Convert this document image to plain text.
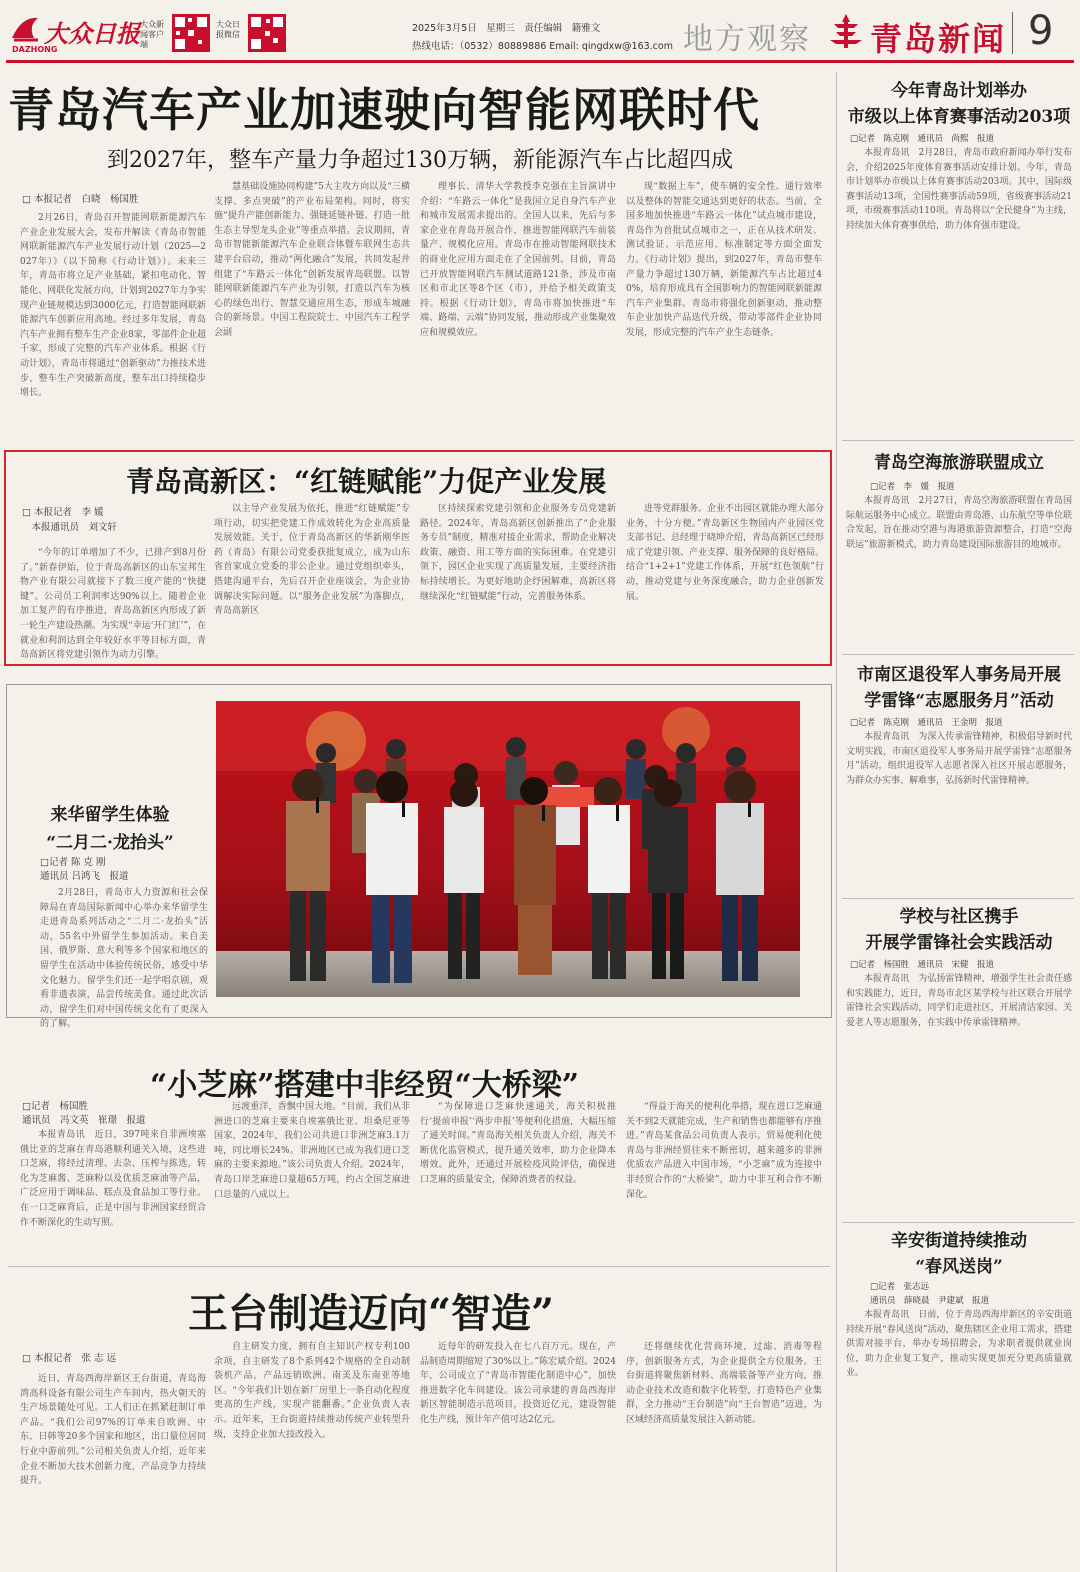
大众日报
DAZHONG
大众新闻客户端
大众日报微信
2025年3月5日　星期三　责任编辑　籍雅文
热线电话：（0532）80889886 Email: qingdxw@163.com 地方观察 青岛新闻 9
青岛汽车产业加速驶向智能网联时代
到2027年，整车产量力争超过130万辆，新能源汽车占比超四成
□ 本报记者　白晓　杨国胜

2月26日，青岛召开智能网联新能源汽车产业企业发展大会，发布并解读《青岛市智能网联新能源汽车产业发展行动计划（2025—2027年）》（以下简称《行动计划》）。未来三年，青岛市将立足产业基础，紧扣电动化、智能化、网联化发展方向，计划到2027年力争实现产业链规模达到3000亿元，打造智能网联新能源汽车创新应用高地。经过多年发展，青岛汽车产业拥有整车生产企业8家，零部件企业超千家，形成了完整的汽车产业体系。根据《行动计划》，青岛市将通过“创新驱动”力推技术进步，整车生产突破新高度，整车出口持续稳步增长。

慧基础设施协同构建”5大主攻方向以及“三横支撑、多点突破”的产业布局架构。同时，将实施“提升产能创新能力、强链延链补链、打造一批生态主导型龙头企业”等重点举措。会议期间，青岛市智能新能源汽车企业联合体暨车联网生态共建平台启动，推动“两化融合”发展，共同发起并组建了“车路云一体化”创新发展青岛联盟。以智能网联新能源汽车产业为引领，打造以汽车为核心的绿色出行、智慧交通应用生态，形成车城融合的新场景。中国工程院院士、中国汽车工程学会副

理事长、清华大学教授李克强在主旨演讲中介绍：“车路云一体化”是我国立足自身汽车产业和城市发展需求提出的。全国人以来，先后与多家企业在青岛开展合作，推进智能网联汽车前装量产、规模化应用。青岛市在推动智能网联技术的商业化应用方面走在了全国前列。目前，青岛已开放智能网联汽车测试道路121条，涉及市南区和市北区等8个区（市），并给予相关政策支持。根据《行动计划》，青岛市将加快推进“车端、路端、云端”协同发展，推动形成产业集聚效应和规模效应。

现“数据上车”，使车辆的安全性、通行效率以及整体的智能交通达到更好的状态。当前，全国多地加快推进“车路云一体化”试点城市建设，青岛作为首批试点城市之一，正在从技术研发、测试验证、示范应用、标准制定等方面全面发力。《行动计划》提出，到2027年，青岛市整车产量力争超过130万辆，新能源汽车占比超过40%，培育形成具有全国影响力的智能网联新能源汽车产业集群。青岛市将强化创新驱动，推动整车企业加快产品迭代升级，带动零部件企业协同发展，形成完整的汽车产业生态链条。

青岛高新区：“红链赋能”力促产业发展
□ 本报记者　李 媛
　本报通讯员　刘文轩

“今年的订单增加了不少，已排产到8月份了。”新春伊始，位于青岛高新区的山东宝邦生物产业有限公司就接下了数三度产能的“快捷键”。公司员工利润率达90%以上。随着企业加工复产的有序推进，青岛高新区内形成了新一轮生产建设热潮。为实现“幸运‘开门红’”，在就业和利润达到全年较好水平等目标方面，青岛高新区将党建引领作为动力引擎。

以主导产业发展为依托，推进“红链赋能”专项行动，切实把党建工作成效转化为企业高质量发展效能。关于，位于青岛高新区的华新刚华医药（青岛）有限公司党委获批复成立，成为山东省首家成立党委的非公企业。通过党组织牵头，搭建沟通平台，先后召开企业座谈会，为企业协调解决实际问题。以“服务企业发展”为落脚点，青岛高新区

区持续探索党建引领和企业服务专员党建新路径。2024年，青岛高新区创新推出了“企业服务专员”制度，精准对接企业需求，帮助企业解决政策、融资、用工等方面的实际困难。在党建引领下，园区企业实现了高质量发展，主要经济指标持续增长。为更好地助企纾困解难，高新区将继续深化“红链赋能”行动，完善服务体系。

进等党群服务。企业不出园区就能办理大部分业务，十分方便。”青岛新区生物园内产业园区党支部书记、总经理于晓坤介绍，青岛高新区已经形成了党建引领、产业支撑、服务保障的良好格局。结合“1+2+1”党建工作体系，开展“红色领航”行动，推动党建与业务深度融合，助力企业创新发展。

来华留学生体验
“二月二·龙抬头”
□记者 陈 克 刚
通讯员 吕鸿飞　报道

2月28日，青岛市人力资源和社会保障局在青岛国际新闻中心举办来华留学生走进青岛系列活动之“二月二·龙抬头”活动，55名中外留学生参加活动。来自美国、俄罗斯、意大利等多个国家和地区的留学生在活动中体验传统民俗，感受中华文化魅力。留学生们还一起学唱京剧，观看非遗表演，品尝传统美食。通过此次活动，留学生们对中国传统文化有了更深入的了解。

“小芝麻”搭建中非经贸“大桥梁”
□记者　杨国胜
通讯员　冯文英　崔璟　报道

本报青岛讯　近日，397吨来自非洲埃塞俄比亚的芝麻在青岛港顺利通关入境，这些进口芝麻，将经过清理、去杂、压榨与拣选，转化为芝麻酱、芝麻粉以及优质芝麻油等产品，广泛应用于调味品、糕点及食品加工等行业。在一口芝麻背后，正是中国与非洲国家经贸合作不断深化的生动写照。

远渡重洋，香飘中国大地。“目前，我们从非洲进口的芝麻主要来自埃塞俄比亚、坦桑尼亚等国家，2024年，我们公司共进口非洲芝麻3.1万吨，同比增长24%。非洲地区已成为我们进口芝麻的主要来源地。”该公司负责人介绍。2024年，青岛口岸芝麻进口量超65万吨，约占全国芝麻进口总量的八成以上。

“为保障进口芝麻快速通关，海关积极推行‘提前申报’‘两步申报’等便利化措施，大幅压缩了通关时间。”青岛海关相关负责人介绍，海关不断优化监管模式，提升通关效率，助力企业降本增效。此外，还通过开展检疫风险评估，确保进口芝麻的质量安全，保障消费者的权益。

“得益于海关的便利化举措，现在进口芝麻通关不到2天就能完成，生产和销售也都能够有序推进。”青岛某食品公司负责人表示。贸易便利化使青岛与非洲经贸往来不断密切，越来越多的非洲优质农产品进入中国市场，“小芝麻”成为连接中非经贸合作的“大桥梁”，助力中非互利合作不断深化。

王台制造迈向“智造”
□ 本报记者　张 志 远

近日，青岛西海岸新区王台街道，青岛海湾高科设备有限公司生产车间内，热火朝天的生产场景随处可见。工人们正在抓紧赶制订单产品。“我们公司97%的订单来自欧洲、中东、日韩等20多个国家和地区，出口量位居同行业中游前列。”公司相关负责人介绍，近年来企业不断加大技术创新力度，产品竞争力持续提升。

自主研发力度，拥有自主知识产权专利100余项，自主研发了8个系列42个规格的全自动制袋机产品，产品远销欧洲、南美及东南亚等地区。“今年我们计划在新厂房里上一条自动化程度更高的生产线，实现产能翻番。”企业负责人表示。近年来，王台街道持续推动传统产业转型升级，支持企业加大技改投入。

近每年的研发投入在七八百万元。现在，产品制造周期缩短了30%以上。”陈宏斌介绍。2024年，公司成立了“青岛市智能化制造中心”，加快推进数字化车间建设。该公司承建的青岛西海岸新区智能制造示范项目，投资近亿元，建设智能化生产线，预计年产值可达2亿元。

还将继续优化营商环境，过滤、消毒等程序，创新服务方式，为企业提供全方位服务。王台街道将聚焦新材料、高端装备等产业方向，推动企业技术改造和数字化转型，打造特色产业集群，全力推动“王台制造”向“王台智造”迈进，为区域经济高质量发展注入新动能。

今年青岛计划举办
市级以上体育赛事活动203项
□记者　陈克刚　通讯员　尚熙　报道

本报青岛讯　2月28日，青岛市政府新闻办举行发布会，介绍2025年度体育赛事活动安排计划。今年，青岛市计划举办市级以上体育赛事活动203项。其中，国际级赛事活动13项，全国性赛事活动59项，省级赛事活动21项，市级赛事活动110项。青岛将以“全民健身”为主线，持续加大体育赛事供给，助力体育强市建设。

青岛空海旅游联盟成立
□记者　李　媛　报道

本报青岛讯　2月27日，青岛空海旅游联盟在青岛国际航运服务中心成立。联盟由青岛港、山东航空等单位联合发起，旨在推动空港与海港旅游资源整合，打造“空海联运”旅游新模式，助力青岛建设国际旅游目的地城市。

市南区退役军人事务局开展
学雷锋“志愿服务月”活动
□记者　陈克刚　通讯员　王金明　报道

本报青岛讯　为深入传承雷锋精神，积极倡导新时代文明实践，市南区退役军人事务局开展学雷锋“志愿服务月”活动，组织退役军人志愿者深入社区开展志愿服务，为群众办实事、解难事，弘扬新时代雷锋精神。

学校与社区携手
开展学雷锋社会实践活动
□记者　杨国胜　通讯员　宋健　报道

本报青岛讯　为弘扬雷锋精神，增强学生社会责任感和实践能力，近日，青岛市北区某学校与社区联合开展学雷锋社会实践活动，同学们走进社区，开展清洁家园、关爱老人等志愿服务，在实践中传承雷锋精神。

辛安街道持续推动
“春风送岗”
□记者　张志远
通讯员　薛晓晨　尹建斌　报道

本报青岛讯　日前，位于青岛西海岸新区的辛安街道持续开展“春风送岗”活动，聚焦辖区企业用工需求，搭建供需对接平台，举办专场招聘会，为求职者提供就业岗位，助力企业复工复产，推动实现更加充分更高质量就业。
